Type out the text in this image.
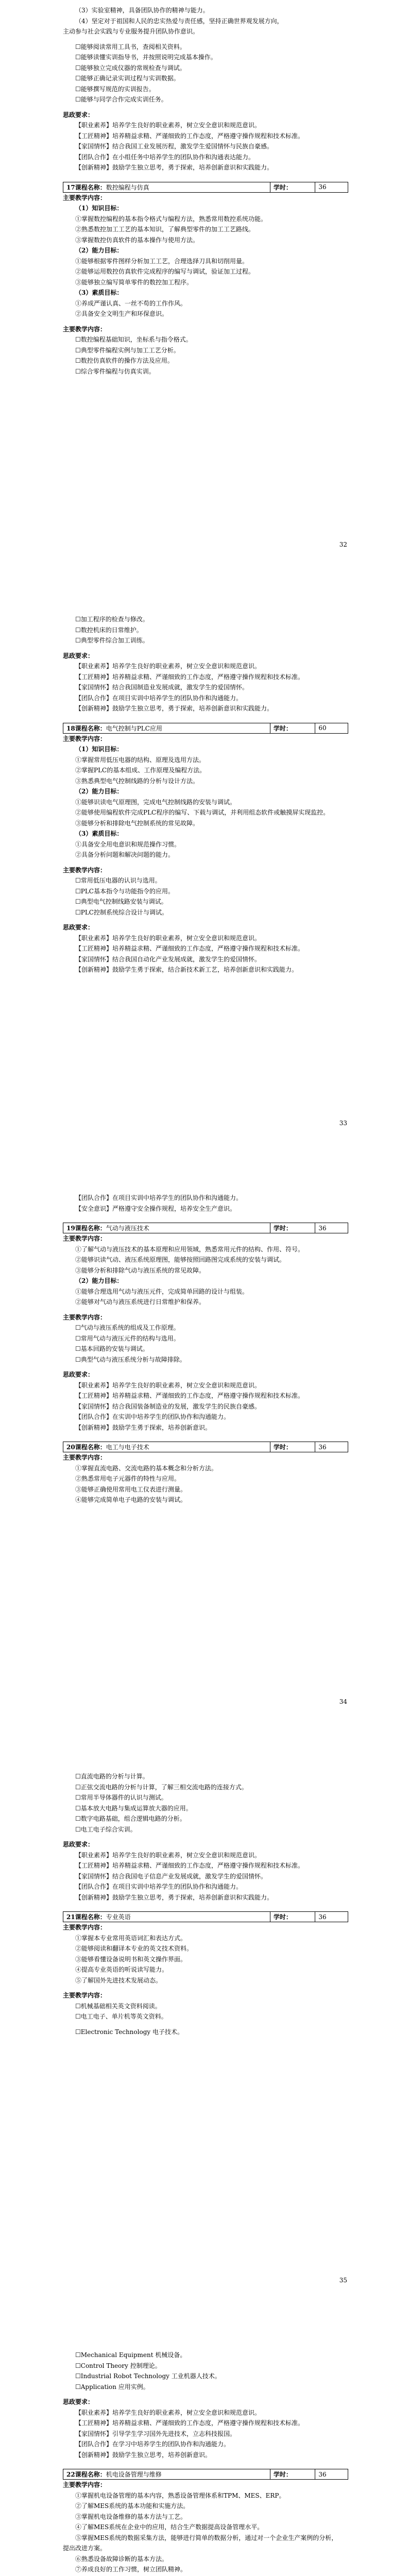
（3）实验室精神，具备团队协作的精神与能力。
（4）坚定对于祖国和人民的忠实热爱与责任感，坚持正确世界观发展方向，
主动参与社会实践与专业服务提升团队协作意识。
☐能够阅读常用工具书，查阅相关资料。
☐能够读懂实训指导书，并按照说明完成基本操作。
☐能够独立完成仪器的常规检查与调试。
☐能够正确记录实训过程与实训数据。
☐能够撰写规范的实训报告。
☐能够与同学合作完成实训任务。
思政要求：
【职业素养】培养学生良好的职业素养，树立安全意识和规范意识。
【工匠精神】培养精益求精、严谨细致的工作态度，严格遵守操作规程和技术标准。
【家国情怀】结合我国工业发展历程，激发学生爱国情怀与民族自豪感。
【团队合作】在小组任务中培养学生的团队协作和沟通表达能力。
【创新精神】鼓励学生独立思考，勇于探索，培养创新意识和实践能力。
17课程名称：数控编程与仿真	学时：	36
主要教学内容：
（1）知识目标：
①掌握数控编程的基本指令格式与编程方法，熟悉常用数控系统功能。
②熟悉数控加工工艺的基本知识，了解典型零件的加工工艺路线。
③掌握数控仿真软件的基本操作与使用方法。
（2）能力目标：
①能够根据零件图样分析加工工艺，合理选择刀具和切削用量。
②能够运用数控仿真软件完成程序的编写与调试，验证加工过程。
③能够独立编写简单零件的数控加工程序。
（3）素质目标：
①养成严谨认真、一丝不苟的工作作风。
②具备安全文明生产和环保意识。
主要教学内容：
☐数控编程基础知识，坐标系与指令格式。
☐典型零件编程实例与加工工艺分析。
☐数控仿真软件的操作方法及应用。
☐综合零件编程与仿真实训。
32
☐加工程序的检查与修改。
☐数控机床的日常维护。
☐典型零件综合加工训练。
思政要求：
【职业素养】培养学生良好的职业素养，树立安全意识和规范意识。
【工匠精神】培养精益求精、严谨细致的工作态度，严格遵守操作规程和技术标准。
【家国情怀】结合我国制造业发展成就，激发学生的爱国情怀。
【团队合作】在项目实训中培养学生的团队协作和沟通能力。
【创新精神】鼓励学生独立思考，勇于探索，培养创新意识和实践能力。
18课程名称：电气控制与PLC应用	学时：	60
主要教学内容：
（1）知识目标：
①掌握常用低压电器的结构、原理及选用方法。
②掌握PLC的基本组成、工作原理及编程方法。
③熟悉典型电气控制线路的分析与设计方法。
（2）能力目标：
①能够识读电气原理图，完成电气控制线路的安装与调试。
②能够使用编程软件完成PLC程序的编写、下载与调试，并利用组态软件或触摸屏实现监控。
③能够分析和排除电气控制系统的常见故障。
（3）素质目标：
①具备安全用电意识和规范操作习惯。
②具备分析问题和解决问题的能力。
主要教学内容：
☐常用低压电器的认识与选用。
☐PLC基本指令与功能指令的应用。
☐典型电气控制线路安装与调试。
☐PLC控制系统综合设计与调试。
思政要求：
【职业素养】培养学生良好的职业素养，树立安全意识和规范意识。
【工匠精神】培养精益求精、严谨细致的工作态度，严格遵守操作规程和技术标准。
【家国情怀】结合我国自动化产业发展成就，激发学生的爱国情怀。
【创新精神】鼓励学生勇于探索，结合新技术新工艺，培养创新意识和实践能力。
33
【团队合作】在项目实训中培养学生的团队协作和沟通能力。
【安全意识】严格遵守安全操作规程，培养安全生产意识。
19课程名称：气动与液压技术	学时：	36
主要教学内容：
①了解气动与液压技术的基本原理和应用领域，熟悉常用元件的结构、作用、符号。
②能够识读气动、液压系统原理图，能够按照回路图完成系统的安装与调试。
③能够分析和排除气动与液压系统的常见故障。
（2）能力目标：
①能够合理选用气动与液压元件，完成简单回路的设计与组装。
②能够对气动与液压系统进行日常维护和保养。
主要教学内容：
☐气动与液压系统的组成及工作原理。
☐常用气动与液压元件的结构与选用。
☐基本回路的安装与调试。
☐典型气动与液压系统分析与故障排除。
思政要求：
【职业素养】培养学生良好的职业素养，树立安全意识和规范意识。
【工匠精神】培养精益求精、严谨细致的工作态度，严格遵守操作规程和技术标准。
【家国情怀】结合我国装备制造业的发展，激发学生的民族自豪感。
【团队合作】在实训中培养学生的团队协作和沟通能力。
【创新精神】鼓励学生勇于探索，培养创新意识。
20课程名称：电工与电子技术	学时：	36
主要教学内容：
①掌握直流电路、交流电路的基本概念和分析方法。
②熟悉常用电子元器件的特性与应用。
③能够正确使用常用电工仪表进行测量。
④能够完成简单电子电路的安装与调试。
34
☐直流电路的分析与计算。
☐正弦交流电路的分析与计算，了解三相交流电路的连接方式。
☐常用半导体器件的认识与测试。
☐基本放大电路与集成运算放大器的应用。
☐数字电路基础，组合逻辑电路的分析。
☐电工电子综合实训。
思政要求：
【职业素养】培养学生良好的职业素养，树立安全意识和规范意识。
【工匠精神】培养精益求精、严谨细致的工作态度，严格遵守操作规程和技术标准。
【家国情怀】结合我国电子信息产业发展成就，激发学生的爱国情怀。
【团队合作】在项目实训中培养学生的团队协作和沟通能力。
【创新精神】鼓励学生独立思考，勇于探索，培养创新意识和实践能力。
21课程名称：专业英语	学时：	36
主要教学内容：
①掌握本专业常用英语词汇和表达方式。
②能够阅读和翻译本专业的英文技术资料。
③能够看懂设备说明书和英文操作界面。
④提高专业英语的听说读写能力。
⑤了解国外先进技术发展动态。
主要教学内容：
☐机械基础相关英文资料阅读。
☐电工电子、单片机等英文资料。
☐Electronic Technology 电子技术。
35
☐Mechanical Equipment 机械设备。
☐Control Theory 控制理论。
☐Industrial Robot Technology 工业机器人技术。
☐Application 应用实例。
思政要求：
【职业素养】培养学生良好的职业素养，树立安全意识和规范意识。
【工匠精神】培养精益求精、严谨细致的工作态度，严格遵守操作规程和技术标准。
【家国情怀】引导学生学习国外先进技术，立志科技报国。
【团队合作】在学习中培养学生的团队协作和沟通能力。
【创新精神】鼓励学生独立思考，培养创新意识。
22课程名称：机电设备管理与维修	学时：	36
主要教学内容：
①掌握机电设备管理的基本内容，熟悉设备管理体系和TPM、MES、ERP。
②了解MES系统的基本功能和实施方法。
③掌握机电设备维修的基本方法与工艺。
④了解MES系统在企业中的应用，结合生产数据提高设备管理水平。
⑤掌握MES系统的数据采集方法，能够进行简单的数据分析，通过对一个企业生产案例的分析，
提出改进方案。
⑥熟悉设备故障诊断的基本方法。
⑦养成良好的工作习惯，树立团队精神。
